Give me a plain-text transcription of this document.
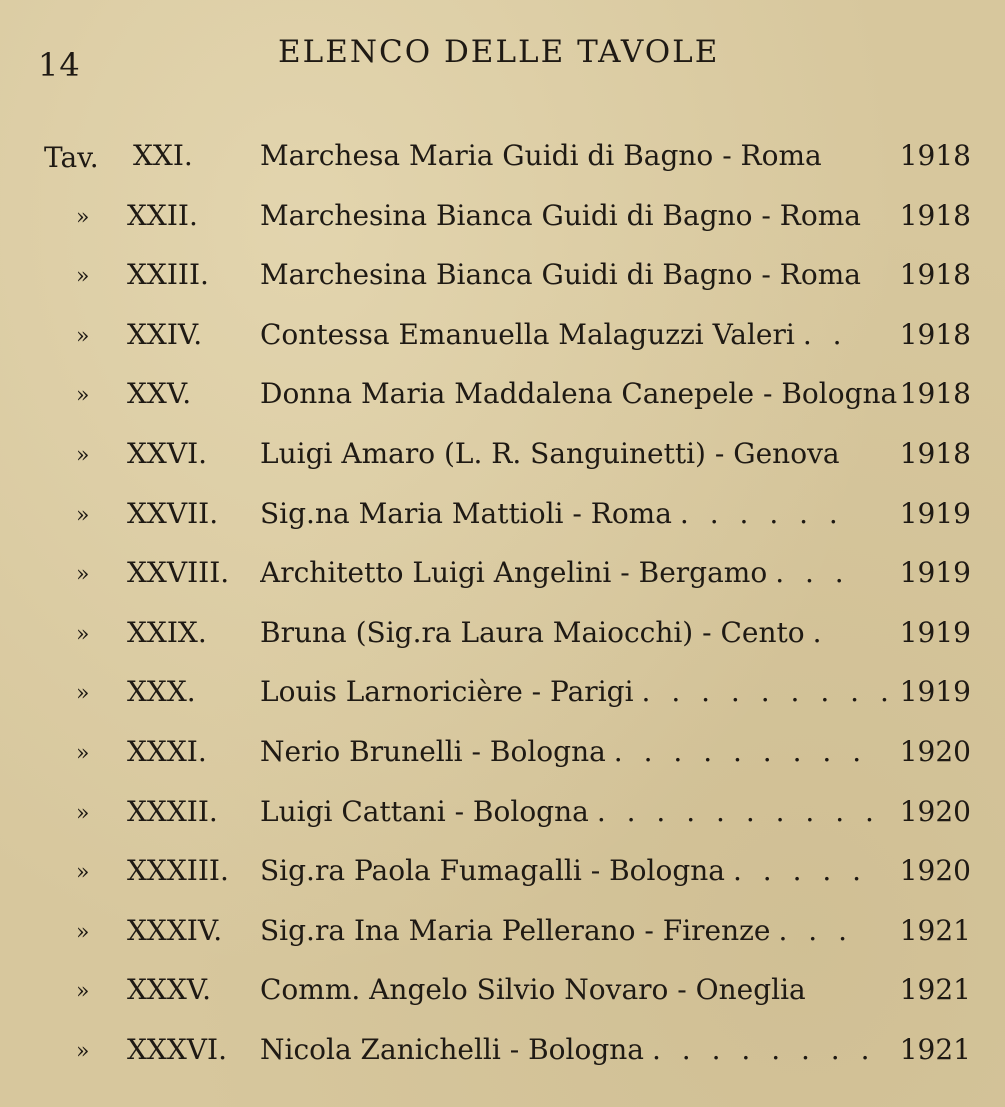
14	ELENCO DELLE TAVOLE
Tav. XXI. Marchesa Maria Guidi di Bagno - Roma	1918
» XXII. Marchesina Bianca Guidi di Bagno - Roma	1918
» XXIII. Marchesina Bianca Guidi di Bagno - Roma	1918
» XXIV. Contessa Emanuella Malaguzzi Valeri . .	1918
» XXV. Donna Maria Maddalena Canepele - Bologna 1918
» XXVI. Luigi Amaro (L. R. Sanguinetti) - Genova	1918
» XXVII. Sig.na Maria Mattioli - Roma . . . . . .	1919
» XXVIII. Architetto Luigi Angelini - Bergamo . . .	1919
» XXIX. Bruna (Sig.ra Laura Maiocchi) - Cento .	1919
» XXX. Louis Larnoricière - Parigi . . . . . . . . . 1919
» XXXI. Nerio Brunelli - Bologna . . . . . . . . .	1920
» XXXII. Luigi Cattani - Bologna . . . . . . . . . . 1920
» XXXIII. Sig.ra Paola Fumagalli - Bologna . . . . .	1920
» XXXIV. Sig.ra Ina Maria Pellerano - Firenze . . .	1921
» XXXV. Comm. Angelo Silvio Novaro - Oneglia	1921
» XXXVI. Nicola Zanichelli - Bologna . . . . . . . . 1921
